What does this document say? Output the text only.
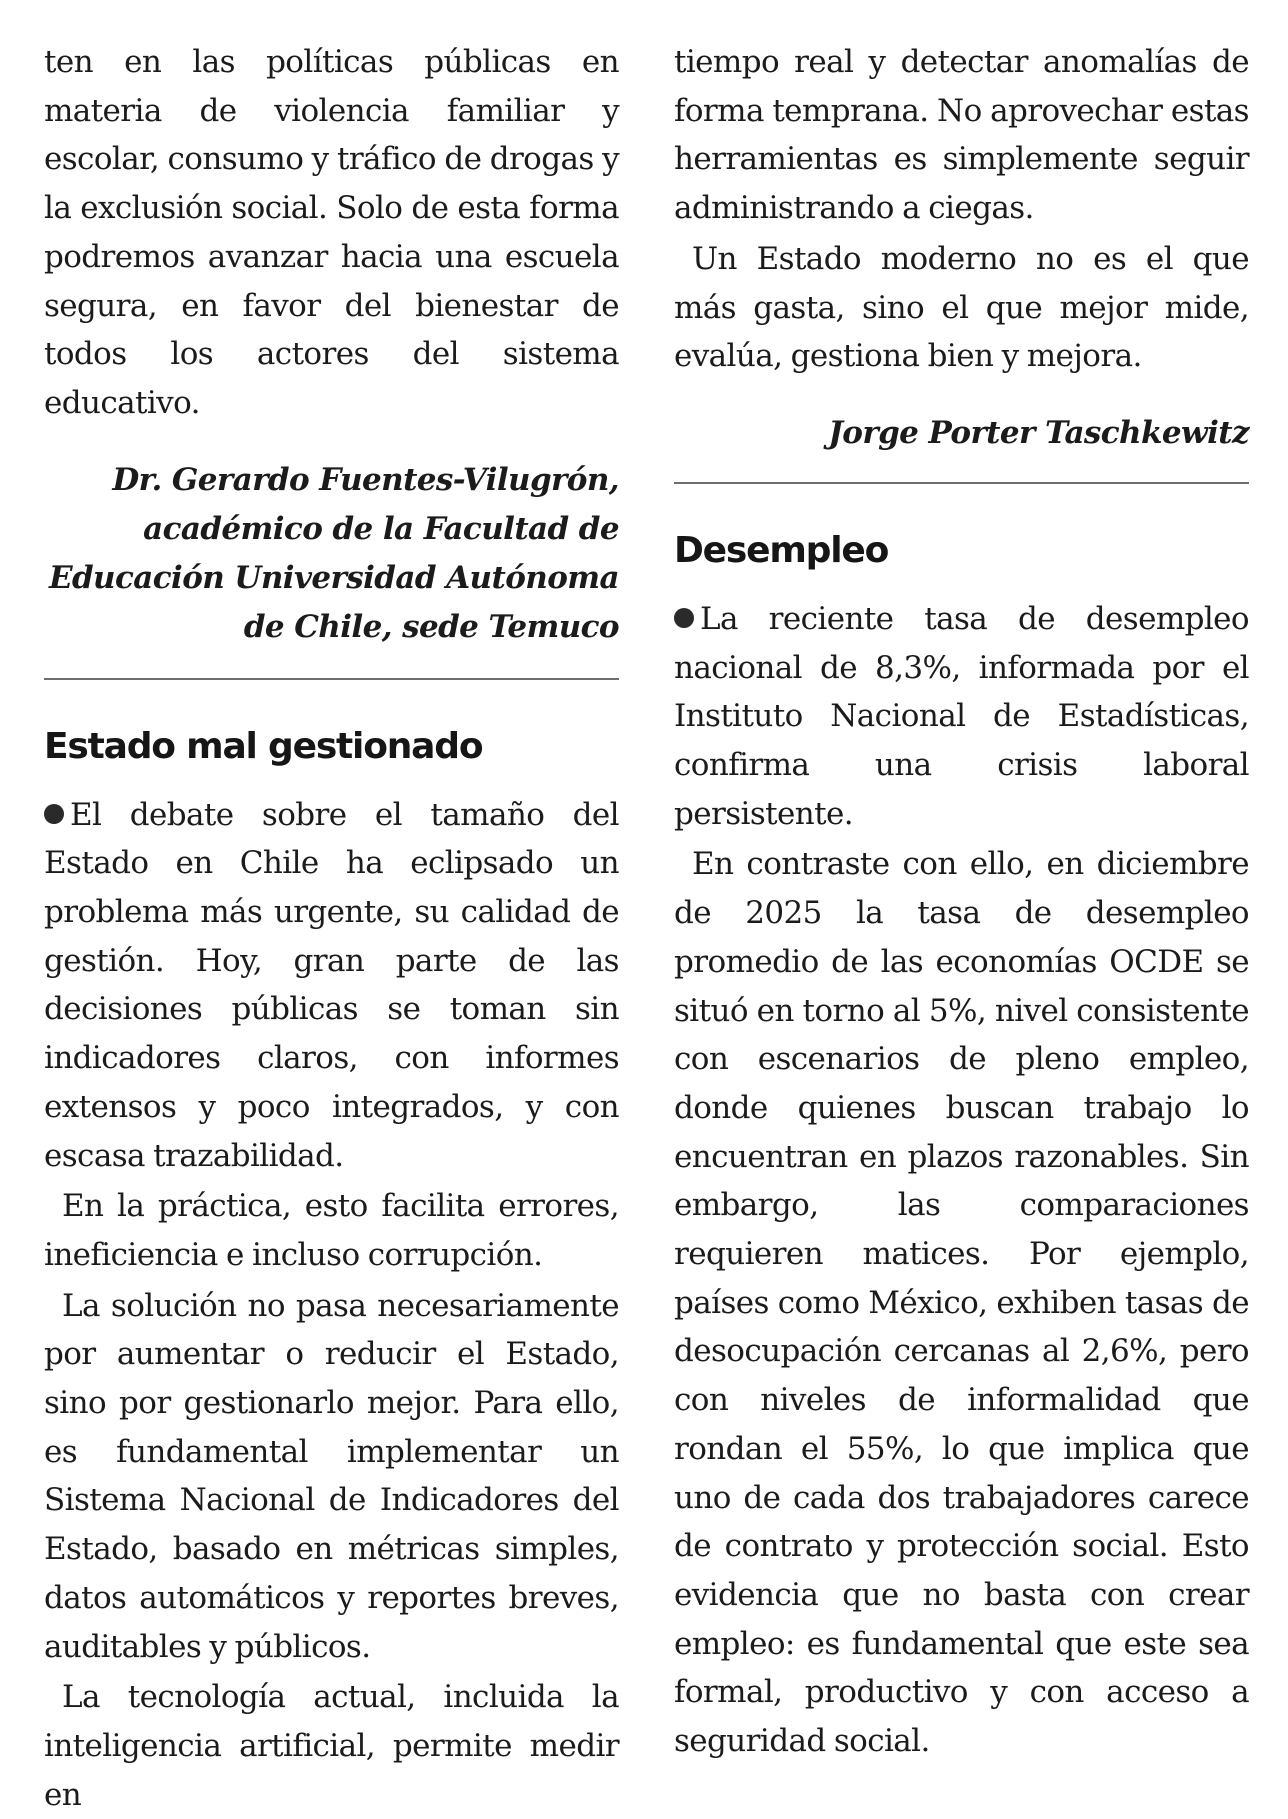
ten en las políticas públicas en materia de violencia familiar y escolar, consumo y tráfico de drogas y la exclusión social. Solo de esta forma podremos avanzar hacia una escuela segura, en favor del bienestar de todos los actores del sistema educativo.

Dr. Gerardo Fuentes-Vilugrón,
académico de la Facultad de
Educación Universidad Autónoma
de Chile, sede Temuco
Estado mal gestionado

El debate sobre el tamaño del Estado en Chile ha eclipsado un problema más urgente, su calidad de gestión. Hoy, gran parte de las decisiones públicas se toman sin indicadores claros, con informes extensos y poco integrados, y con escasa trazabilidad.

En la práctica, esto facilita errores, ineficiencia e incluso corrupción.

La solución no pasa necesariamente por aumentar o reducir el Estado, sino por gestionarlo mejor. Para ello, es fundamental implementar un Sistema Nacional de Indicadores del Estado, basado en métricas simples, datos automáticos y reportes breves, auditables y públicos.

La tecnología actual, incluida la inteligencia artificial, permite medir en

tiempo real y detectar anomalías de forma temprana. No aprovechar estas herramientas es simplemente seguir administrando a ciegas.

Un Estado moderno no es el que más gasta, sino el que mejor mide, evalúa, gestiona bien y mejora.

Jorge Porter Taschkewitz
Desempleo

La reciente tasa de desempleo nacional de 8,3%, informada por el Instituto Nacional de Estadísticas, confirma una crisis laboral persistente.

En contraste con ello, en diciembre de 2025 la tasa de desempleo promedio de las economías OCDE se situó en torno al 5%, nivel consistente con escenarios de pleno empleo, donde quienes buscan trabajo lo encuentran en plazos razonables. Sin embargo, las comparaciones requieren matices. Por ejemplo, países como México, exhiben tasas de desocupación cercanas al 2,6%, pero con niveles de informalidad que rondan el 55%, lo que implica que uno de cada dos trabajadores carece de contrato y protección social. Esto evidencia que no basta con crear empleo: es fundamental que este sea formal, productivo y con acceso a seguridad social.
